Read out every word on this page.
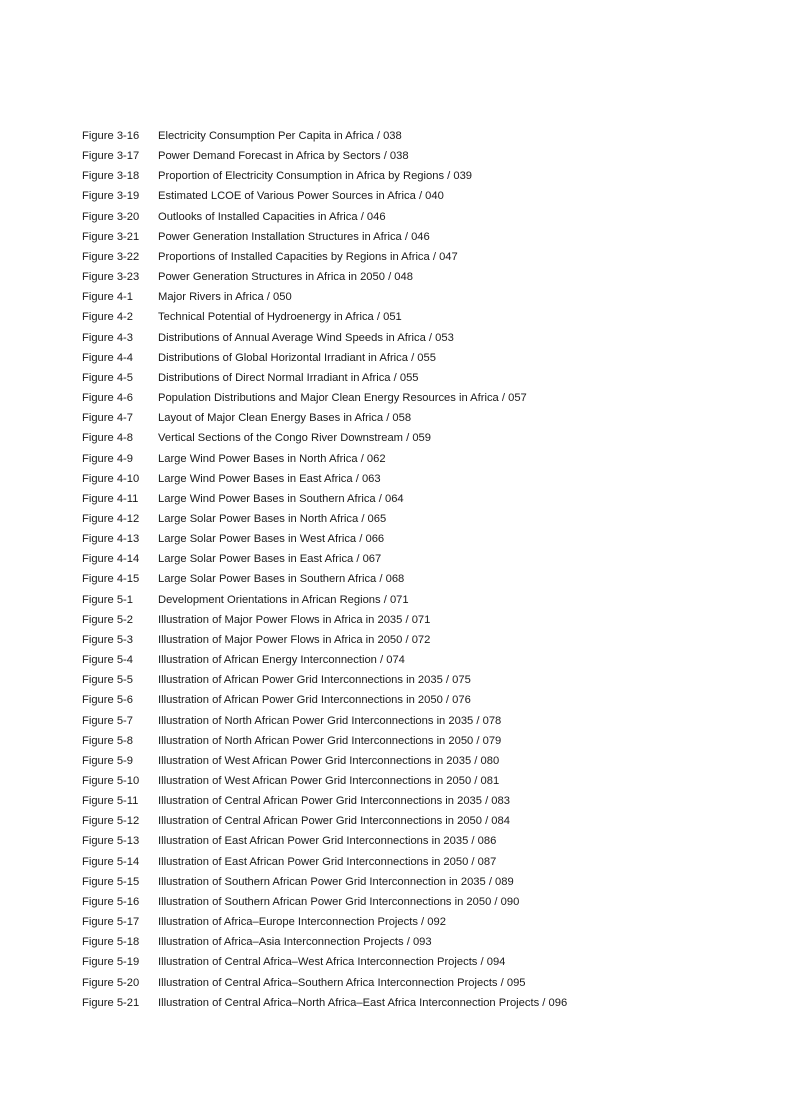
Figure 3-16	Electricity Consumption Per Capita in Africa / 038
Figure 3-17	Power Demand Forecast in Africa by Sectors / 038
Figure 3-18	Proportion of Electricity Consumption in Africa by Regions / 039
Figure 3-19	Estimated LCOE of Various Power Sources in Africa / 040
Figure 3-20	Outlooks of Installed Capacities in Africa / 046
Figure 3-21	Power Generation Installation Structures in Africa / 046
Figure 3-22	Proportions of Installed Capacities by Regions in Africa / 047
Figure 3-23	Power Generation Structures in Africa in 2050 / 048
Figure 4-1	Major Rivers in Africa / 050
Figure 4-2	Technical Potential of Hydroenergy in Africa / 051
Figure 4-3	Distributions of Annual Average Wind Speeds in Africa / 053
Figure 4-4	Distributions of Global Horizontal Irradiant in Africa / 055
Figure 4-5	Distributions of Direct Normal Irradiant in Africa / 055
Figure 4-6	Population Distributions and Major Clean Energy Resources in Africa / 057
Figure 4-7	Layout of Major Clean Energy Bases in Africa / 058
Figure 4-8	Vertical Sections of the Congo River Downstream / 059
Figure 4-9	Large Wind Power Bases in North Africa / 062
Figure 4-10	Large Wind Power Bases in East Africa / 063
Figure 4-11	Large Wind Power Bases in Southern Africa / 064
Figure 4-12	Large Solar Power Bases in North Africa / 065
Figure 4-13	Large Solar Power Bases in West Africa / 066
Figure 4-14	Large Solar Power Bases in East Africa / 067
Figure 4-15	Large Solar Power Bases in Southern Africa / 068
Figure 5-1	Development Orientations in African Regions / 071
Figure 5-2	Illustration of Major Power Flows in Africa in 2035 / 071
Figure 5-3	Illustration of Major Power Flows in Africa in 2050 / 072
Figure 5-4	Illustration of African Energy Interconnection / 074
Figure 5-5	Illustration of African Power Grid Interconnections in 2035 / 075
Figure 5-6	Illustration of African Power Grid Interconnections in 2050 / 076
Figure 5-7	Illustration of North African Power Grid Interconnections in 2035 / 078
Figure 5-8	Illustration of North African Power Grid Interconnections in 2050 / 079
Figure 5-9	Illustration of West African Power Grid Interconnections in 2035 / 080
Figure 5-10	Illustration of West African Power Grid Interconnections in 2050 / 081
Figure 5-11	Illustration of Central African Power Grid Interconnections in 2035 / 083
Figure 5-12	Illustration of Central African Power Grid Interconnections in 2050 / 084
Figure 5-13	Illustration of East African Power Grid Interconnections in 2035 / 086
Figure 5-14	Illustration of East African Power Grid Interconnections in 2050 / 087
Figure 5-15	Illustration of Southern African Power Grid Interconnection in 2035 / 089
Figure 5-16	Illustration of Southern African Power Grid Interconnections in 2050 / 090
Figure 5-17	Illustration of Africa–Europe Interconnection Projects / 092
Figure 5-18	Illustration of Africa–Asia Interconnection Projects / 093
Figure 5-19	Illustration of Central Africa–West Africa Interconnection Projects / 094
Figure 5-20	Illustration of Central Africa–Southern Africa Interconnection Projects / 095
Figure 5-21	Illustration of Central Africa–North Africa–East Africa Interconnection Projects / 096
